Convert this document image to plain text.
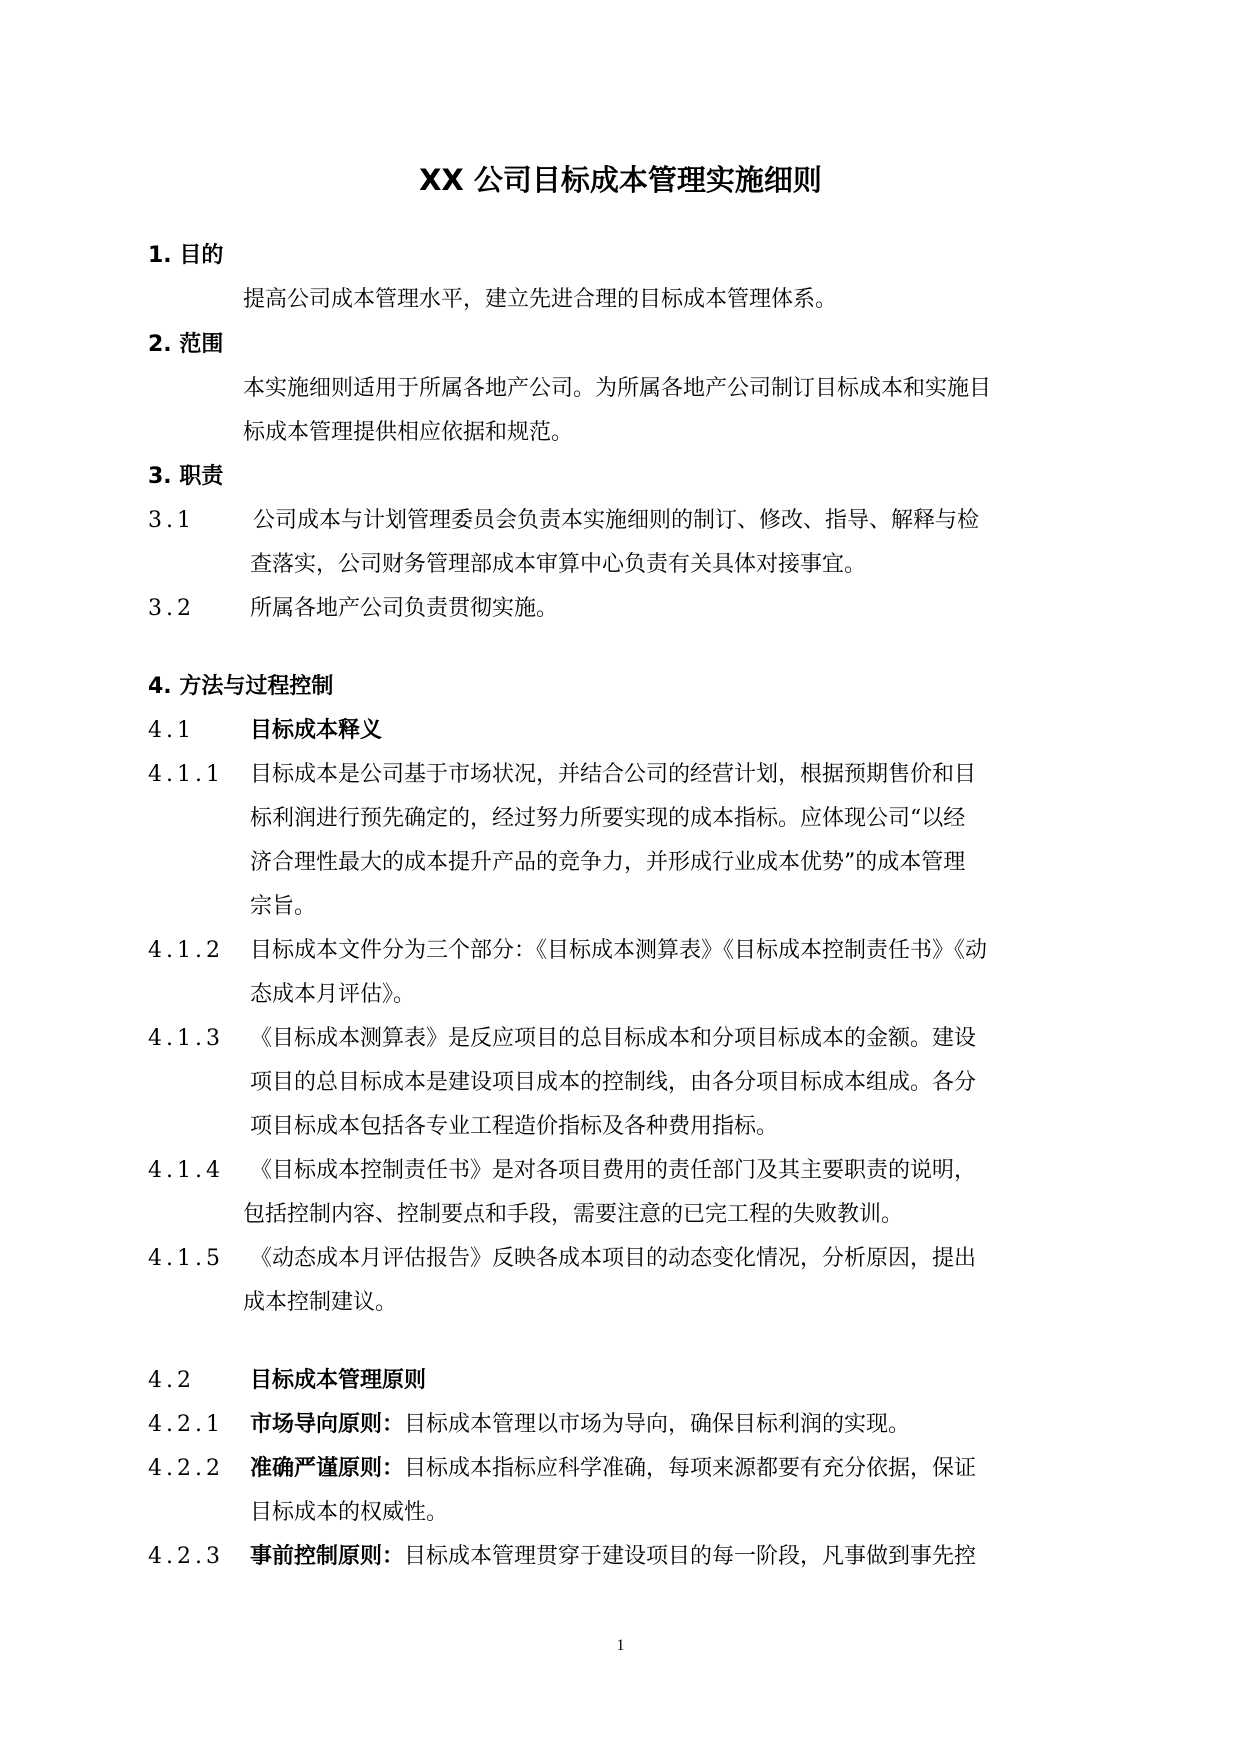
XX 公司目标成本管理实施细则
1. 目的
提高公司成本管理水平，建立先进合理的目标成本管理体系。
2. 范围
本实施细则适用于所属各地产公司。为所属各地产公司制订目标成本和实施目
标成本管理提供相应依据和规范。
3. 职责
3.1	公司成本与计划管理委员会负责本实施细则的制订、修改、指导、解释与检
查落实，公司财务管理部成本审算中心负责有关具体对接事宜。
3.2	所属各地产公司负责贯彻实施。
4. 方法与过程控制
4.1	目标成本释义
4.1.1 目标成本是公司基于市场状况，并结合公司的经营计划，根据预期售价和目
标利润进行预先确定的，经过努力所要实现的成本指标。应体现公司“以经
济合理性最大的成本提升产品的竞争力，并形成行业成本优势”的成本管理
宗旨。
4.1.2 目标成本文件分为三个部分：《目标成本测算表》《目标成本控制责任书》《动
态成本月评估》。
4.1.3 《目标成本测算表》是反应项目的总目标成本和分项目标成本的金额。建设
项目的总目标成本是建设项目成本的控制线，由各分项目标成本组成。各分
项目标成本包括各专业工程造价指标及各种费用指标。
4.1.4 《目标成本控制责任书》是对各项目费用的责任部门及其主要职责的说明，
包括控制内容、控制要点和手段，需要注意的已完工程的失败教训。
4.1.5 《动态成本月评估报告》反映各成本项目的动态变化情况，分析原因，提出
成本控制建议。
4.2	目标成本管理原则
4.2.1 市场导向原则：目标成本管理以市场为导向，确保目标利润的实现。
4.2.2 准确严谨原则：目标成本指标应科学准确，每项来源都要有充分依据，保证
目标成本的权威性。
4.2.3 事前控制原则：目标成本管理贯穿于建设项目的每一阶段，凡事做到事先控
1
